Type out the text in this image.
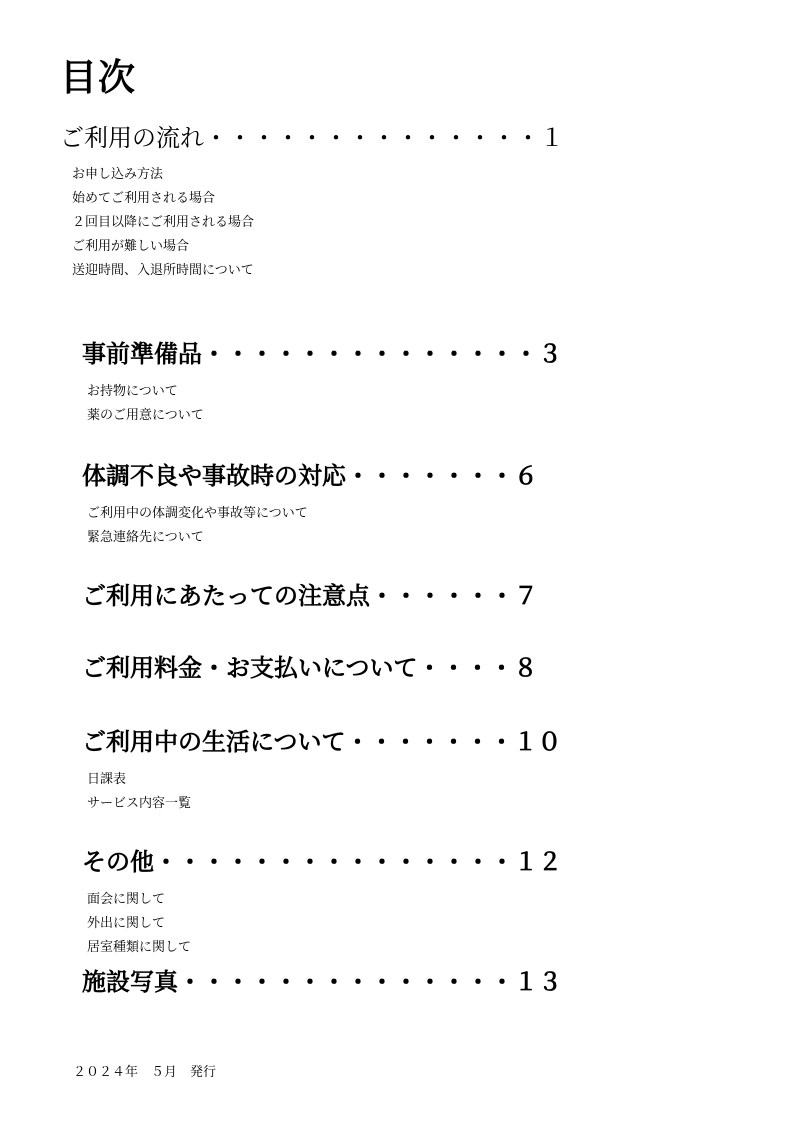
目次
ご利用の流れ ・・・・・・・・・・・・・・ １
お申し込み方法
始めてご利用される場合
２回目以降にご利用される場合
ご利用が難しい場合
送迎時間、入退所時間について
事前準備品 ・・・・・・・・・・・・・・ ３
お持物について
薬のご用意について
体調不良や事故時の対応 ・・・・・・・ ６
ご利用中の体調変化や事故等について
緊急連絡先について
ご利用にあたっての注意点 ・・・・・・ ７
ご利用料金・お支払いについて ・・・・ ８
ご利用中の生活について ・・・・・・・ １０
日課表
サービス内容一覧
その他 ・・・・・・・・・・・・・・・ １２
面会に関して
外出に関して
居室種類に関して
施設写真 ・・・・・・・・・・・・・・ １３
２０２４年　５月　発行
